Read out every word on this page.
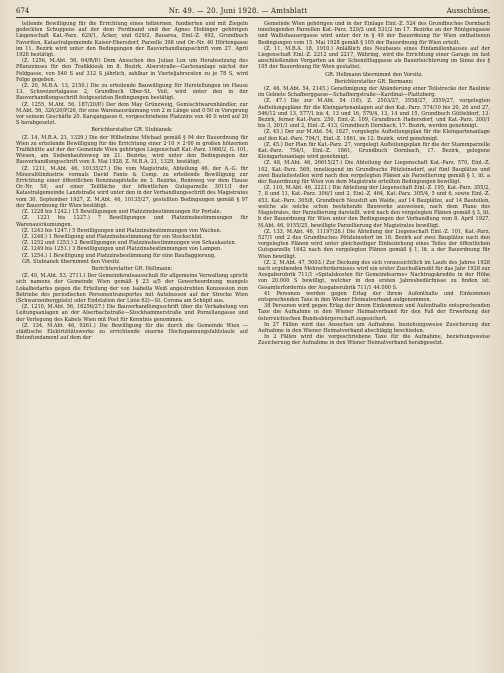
674	Nr. 49. — 20. Juni 1928. — Amtsblatt	Ausschüsse.

teilende Bewilligung für die Errichtung eines hölzernen, fundierten und mit Ziegeln gedeckten Schuppens auf der dem Ferdinand und der Agnes Hobinger gehörigen Liegenschaft Kat.-Parz. 629/1, Äcker, und 629/2, Bauarea, Einl.-Z. 492, Grundbuch Favoriten, Katastralgemeinde Kaiser-Ebersdorf, Parzelle 398 und Or.-Nr. 40 Hörtengasse im 11. Bezirk wird unter den Bedingungen der Bauverhandlungsschrift vom 27. April 1928 bestätigt.

(Z. 1256, M.Abt. 56, 64/R/P.) Dem Ansuchen des Julian Lux um Herabsetzung des Pflanzzinses für den Trafikkiosk im 8. Bezirk, Alserstraße—Gartenanlage nächst der Feldgasse, von 540 S auf 312 S jährlich, zahlbar in Vierteljahrsraten zu je 78 S, wird Folge gegeben.

(Z. 20, M.B.A. 13, 2150.) Die zu erteilende Bauwilligung für Herstellungen im Hause 13. Schweizertalgasse 2, Grundbuch Ober-St. Veit, wird unter den in der Bauverhandlungsschrift festgesetzten Bedingungen bestätigt.

(Z. 1255, M.Abt. 56, 187/20/P.) Der dem May Grünzweig, Gemischtwarenhändler, zur M.Abt. 56, 326/20/P/26, für eine Warenausräumung von 2 m Länge und 0·50 m Vorsprung vor seinem Geschäfte 20. Karajangasse 6, vorgeschriebene Platzzins von 40 S wird auf 20 S herabgesetzt.

Berichterstatter GR. Stubianek:

(Z. 14, M.B.A. 21, 1329.) Die der Wilhelmine Michael gemäß § 94 der Bauordnung für Wien zu erteilende Bewilligung für die Errichtung einer 2·10 × 2·00 m großen hölzernen Trafikhütte auf der der Gemeinde Wien gehörigen Liegenschaft Kat.-Parz. 1066/2, G. 101, Wiesen, am Siebenhaufenweg im 21. Bezirke, wird unter den Bedingungen der Bauverhandlungsschrift vom 8. Mai 1928, Z. M.B.A. 21, 1329, bestätigt.

(Z. 1211, M.Abt. 46, 10135/27.) Die vom Magistrate, Abteilung 46, der A.-G. für Mineralölindustrie vormals David Fanto & Comp. zu erteilende Bewilligung zur Errichtung einer öffentlichen Benzinzapfstelle im 3. Bezirke, Rennweg vor dem Hause Or.-Nr. 50, auf einer Teilfläche der öffentlichen Gutsparzelle 3011/1 der Katastralgemeinde Landstraße wird unter den in der Verhandlungsschrift des Magistrates vom 30. September 1927, Z. M.Abt. 46, 10135/27, gestellten Bedingungen gemäß § 97 der Bauordnung für Wien bestätigt.

(Z. 1228 bis 1242.) 15 Bewilligungen und Platzzinsbestimmungen für Portale.

(Z. 1221 bis 1227.) 7 Bewilligungen und Platzzinsbestimmungen für Warenausräumungen.

(Z. 1243 bis 1247.) 5 Bewilligungen und Platzzinsbestimmungen von Wachen.

(Z. 1248.) 1 Bewilligung und Platzzinsbestimmung für ein Steckschild.

(Z. 1252 und 1253.) 2 Bewilligungen und Platzzinsbestimmungen von Schaukasten.

(Z. 1249 bis 1251.) 3 Bewilligungen und Platzzinsbestimmungen von Lampen.

(Z. 1254.) 1 Bewilligung und Platzzinsbestimmung für eine Bauflaggierung.

GR. Stubianek übernimmt den Vorsitz.

Berichterstatter GR. Hellmann:

(Z. 40, M.Abt. 53, 2711.) Der Gemeinderatsausschuß für allgemeine Verwaltung spricht sich namens der Gemeinde Wien gemäß § 23 a/5 der Gewerbeordnung mangels Lokalbedarfes gegen die Erteilung der von Isabella Weiß angestrebten Konzession zum Betriebe des periodischen Personentransportes mit Autobussen auf der Strecke Wien (Schwarzenbergplatz) oder Endstation der Linie 62)—St. Corona am Schöpfl aus.

(Z. 1210, M.Abt. 56, 16256/27.) Die Bauverhandlungsschrift über die Verkabelung von Leitungsanlagen an der Alserbachstraße—Stockhammerstraße und Porzellangasse und der Verlegung des Kabels Wien mit Post für Kenntnis genommen.

(Z. 134, M.Abt. 46, 9261.) Die Bewilligung für die durch die Gemeinde Wien — städtische Elektrizitätswerke zu errichtende eiserne Hochspannungsfahtslaule auf Betonfundament auf dem der

Gemeinde Wien gehörigen und in der Einlage Einl.-Z. 524 des Grundbuches Dornbach inneliegenden Parzellen Kat.-Parz. 529/2 und 531/2 im 17. Bezirke an der Röntgengasse und Wallishausergasse wird unter der in § 49 der Bauordnung für Wien enthaltenen Bedingungen vom 15. Mai 1928 gemäß § 105 der Bauordnung für Wien erteilt.

(Z. 11, M.B.A. 18, 1910.) Anläßlich des Neubaues eines Einfamilienhauses auf der Liegenschaft Einl.-Z. 2212 und 2217, Währing, wird die Errichtung einer Garage im fast anschließenden Vorgarten an der Schenzlfluggasse als Bauerleichterung im Sinne des § 105 der Bauordnung für Wien gestattet.

GR. Hellmann übernimmt den Vorsitz.

Berichterstatter GR. Bermann:

(Z. 46, M.Abt. 54, 2145.) Genehmigung der Abänderung einer Teilstrecke der Baulinie im Gebiete Schafberggasse—Schafbergstraße—Kardinal—Plattzberg.

(Z. 47.) Die zur M.Abt. 54 (18), Z. 2503/27, 3558/27, 3559/27, vorgelegten Aufteilungspläne für die Kleingartenanlagen auf den Kat.-Parz. 574/10 bis 20, 26 und 27, 546/12 und 13, 577/1 bis 4, 13 und 16, 579/4, 13, 14 und 15, Grundbuch Gütteldorf, 13. Bezirk, ferner Kat.-Parz. 250, Einl.-Z. 109, Grundbuch Hadersdorf, und Kat.-Parz. 300/1 bis 3, 301/1 und 2, Einl.-Z. 413, Grundbuch Dornbach, 17. Bezirk, werden genehmigt.

(Z. 45.) Der zur M.Abt. 54, 1827, vorgelegte Aufteilungsplan für die Kleingartenanlage auf den Kat.-Parz. 704/1, Einl.-Z. 1861, im 12. Bezirk, wird genehmigt.

(Z. 45.) Der Plan für Kat.-Parz. 27, vorgelegt Aufteilungsplan für die der Stammparzelle Kat.-Parz. 754/1, Einl.-Z. 1861, Grundbuch Dornbach, 17. Bezirk, gelegene Kleingartenanlage wird genehmigt.

(Z. 48, M.Abt. 46, 26615/27.) Die Abteilung der Liegenschaft Kat.-Parz. 570, Einl.-Z. 102, Kat.-Parz. 569, inneliegend im Grundbuche Pötzleinsdorf, auf fünf Bauplätze und zwei Bauteilsstellen wird nach den vorgelegten Plänen als Parzellierung gemäß § 1, lit. a der Bauordnung für Wien von dem Magistrate erteilten Bedingungen bewilligt.

(Z. 110, M.Abt. 46, 2221.) Die Abteilung der Liegenschaft Einl.-Z. 195, Kat.-Parz. 355/2, 7, 8 und 11, Kat.-Parz. 306/1 und 2, Einl.-Z. 464, Kat.-Parz. 305/4, 5 und 6, sowie Einl.-Z. 453, Kat.-Parz. 305/8, Grundbuch Neustift am Walde, auf 14 Bauplätze, auf 14 Bauteilen, welche als solche schon bestehende Bauwerke ausweisen, nach dem Plane des Magistrates, der Parzellierung darstellt, wird nach den vorgelegten Plänen gemäß § 3, lit. b der Bauordnung für Wien unter den Bedingungen der Verhandlung vom 8. April 1927, M.Abt. 46, 9155/25, bewilligte Parzellierung der Magistrates bewilligt.

(Z. 133, M.Abt. 46, 11197/26.) Die Abteilung der Liegenschaft Einl.-Z. 101, Kat.-Parz. 527/1 und 2 des Grundbuches Pötzleinsdorf im 18. Bezirk auf zwei Bauplätze nach den vorgelegten Plänen wird unter gleichzeitiger Einbeziehung eines Teiles der öffentlichen Gutsparzelle 1642 nach den vorgelegten Plänen gemäß § 1, lit. a der Bauordnung für Wien bewilligt.

(Z. 2, M.Abt. 47, 5003.) Zur Deckung des sich voraussichtlich im Laufe des Jahres 1928 nach ergebenden Mehrerfordernisses wird ein erster Zuschußkredit für das Jahr 1928 zur Ausgabsrubrik 711/1 »Spitalskosten für Gemeindearme« Nachtragskredite in der Höhe von 20.000 S bewilligt, welcher in den ersten Jahresbedürfnisse zu finden ist: Gesamterfordernis der Ausgabsrubrik 711/1 44.000 S.

41 Personen werden gegen Erlag der ihrem Aufenthalte und Einkommen entsprechenden Taxe in den Wiener Heimatverband aufgenommen.

38 Personen wird gegen Erlag der ihrem Einkommen und Aufenthalte entsprechenden Taxe die Aufnahme in den Wiener Heimatverband für den Fall der Erwerbung der österreichischen Bundesbürgerschaft zugesichert.

In 27 Fällen wird das Ansuchen um Aufnahme, beziehungsweise Zusicherung der Aufnahme in den Wiener Heimatverband abschlägig beschieden.

In 2 Fällen wird die vorgeschriebene Taxe für die Aufnahme, beziehungsweise Zusicherung der Aufnahme in den Wiener Heimatverband herabgesetzt.
